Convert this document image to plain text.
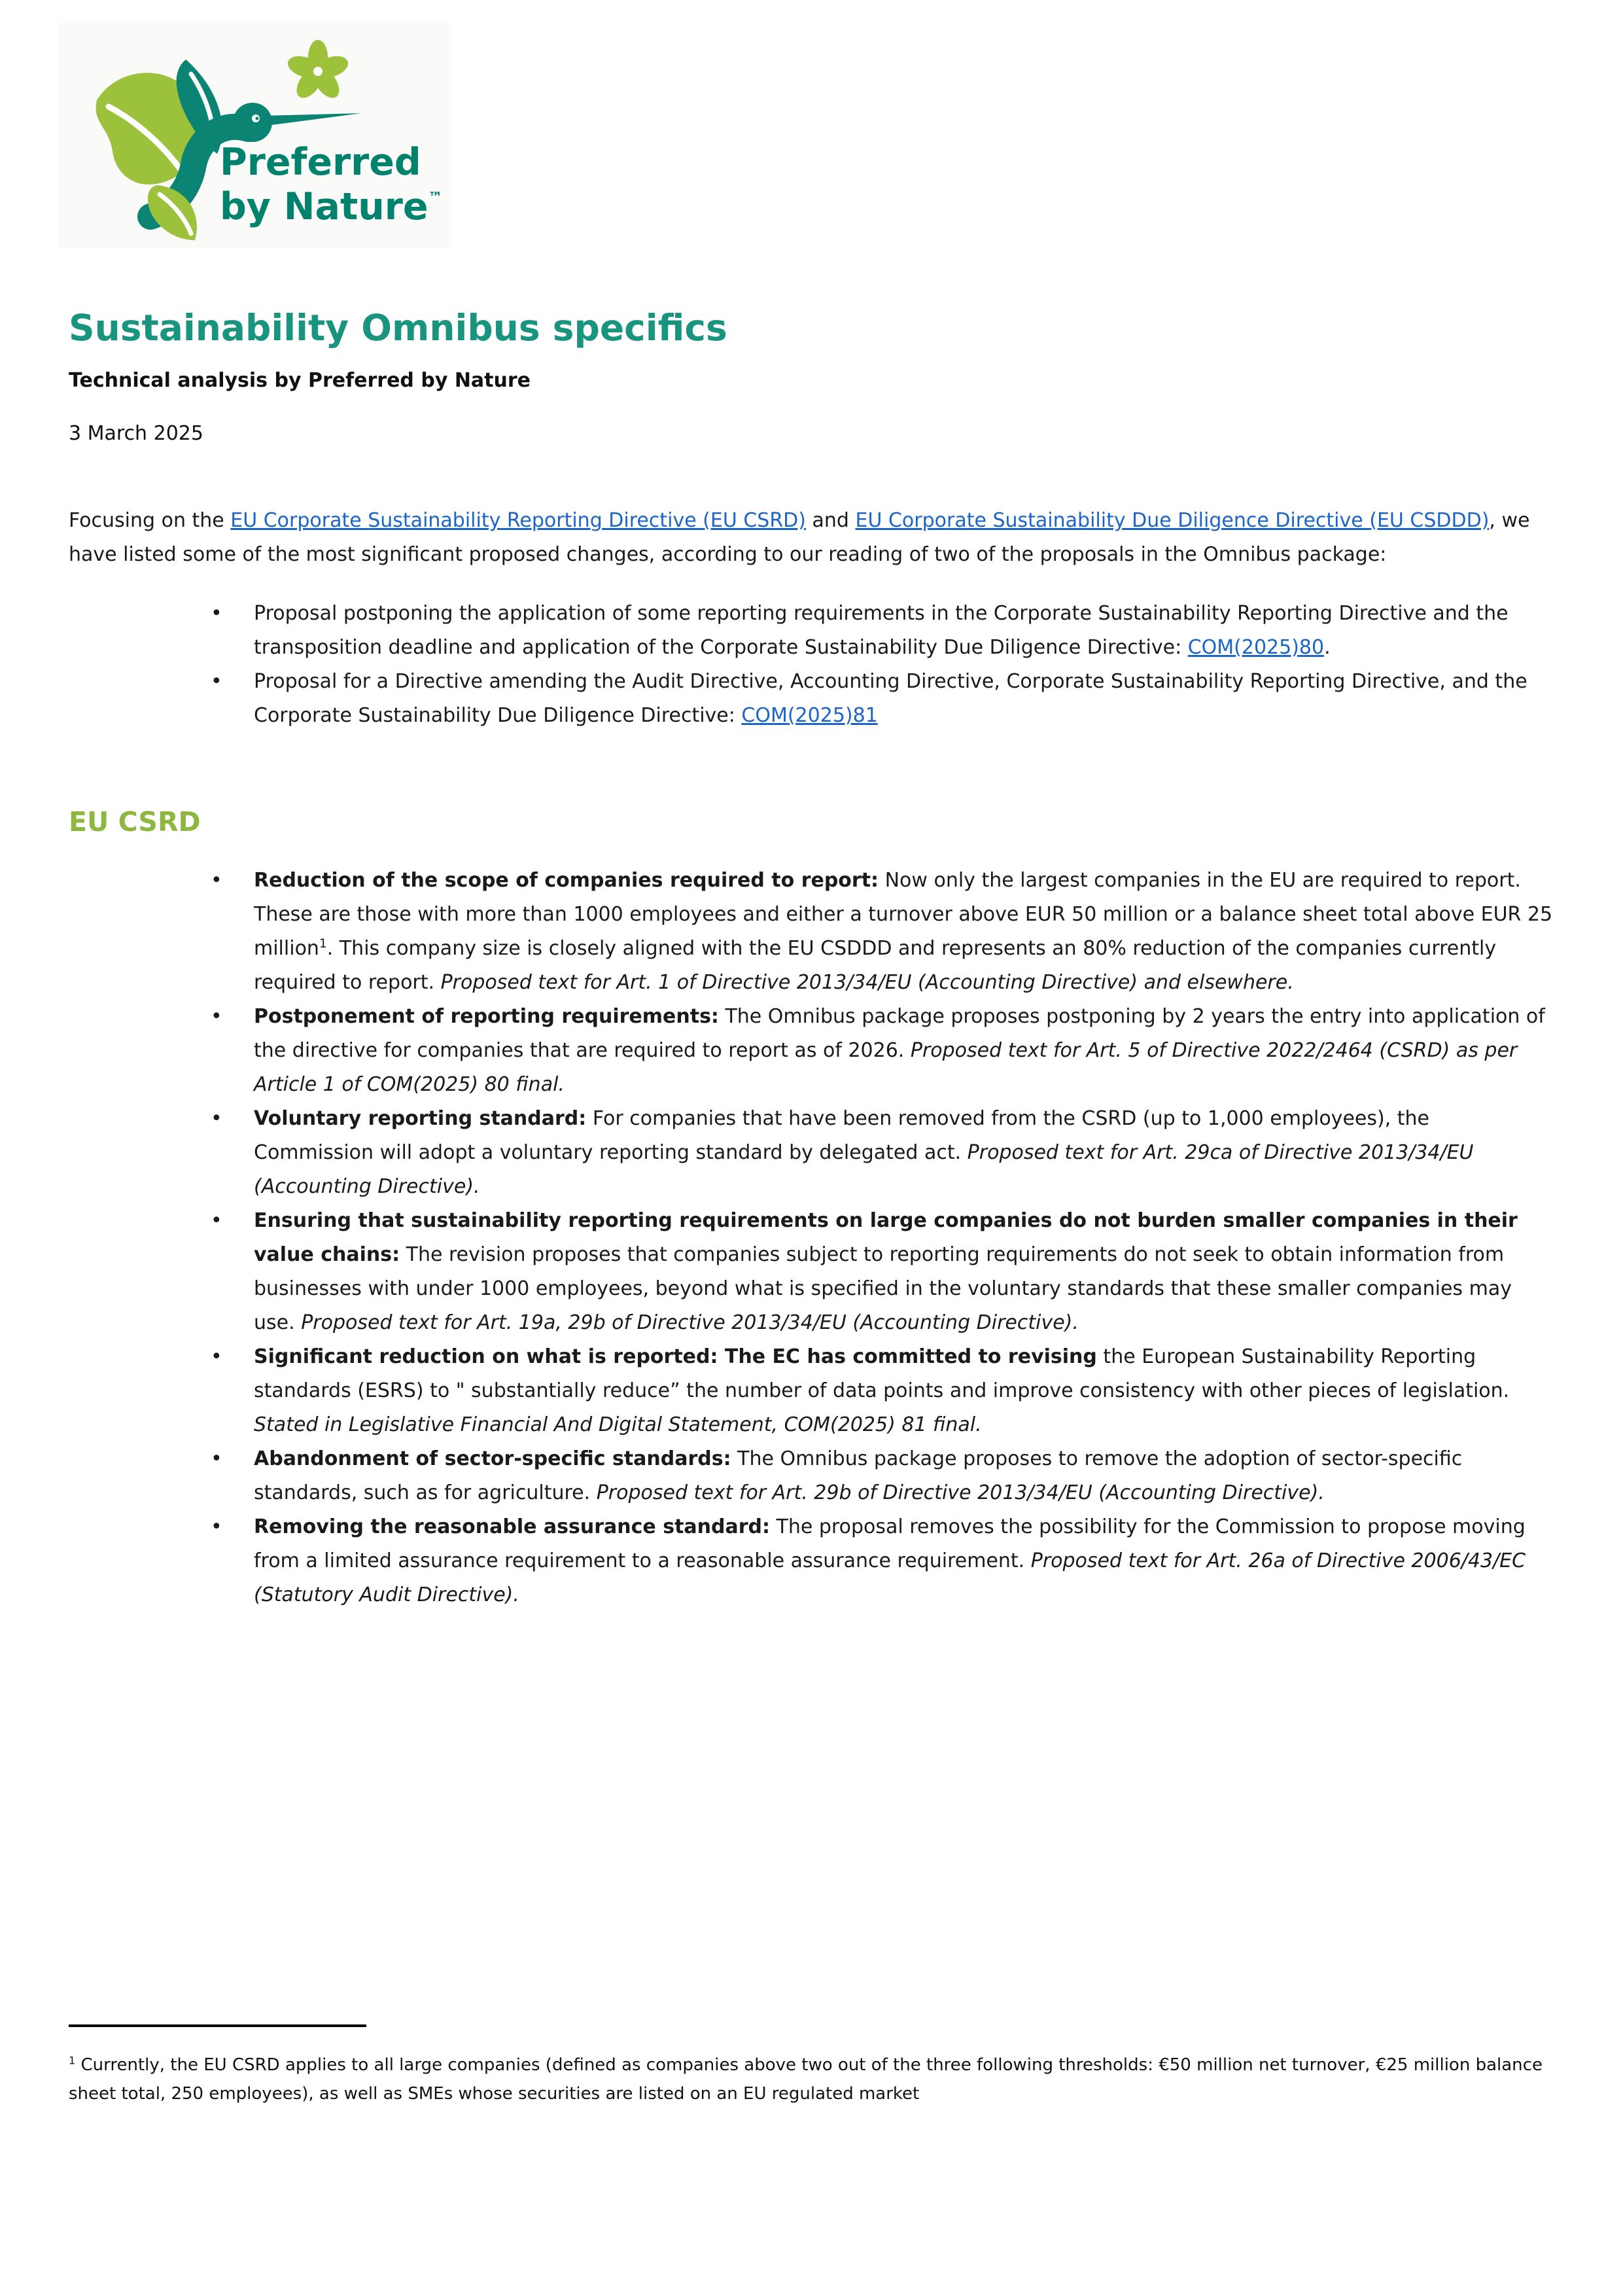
Preferred
by Nature™
Sustainability Omnibus specifics
Technical analysis by Preferred by Nature
3 March 2025

Focusing on the EU Corporate Sustainability Reporting Directive (EU CSRD) and EU Corporate Sustainability Due Diligence Directive (EU CSDDD), we have listed some of the most significant proposed changes, according to our reading of two of the proposals in the Omnibus package:

• Proposal postponing the application of some reporting requirements in the Corporate Sustainability Reporting Directive and the transposition deadline and application of the Corporate Sustainability Due Diligence Directive: COM(2025)80.
• Proposal for a Directive amending the Audit Directive, Accounting Directive, Corporate Sustainability Reporting Directive, and the Corporate Sustainability Due Diligence Directive: COM(2025)81
EU CSRD
• Reduction of the scope of companies required to report: Now only the largest companies in the EU are required to report. These are those with more than 1000 employees and either a turnover above EUR 50 million or a balance sheet total above EUR 25 million$^1$. This company size is closely aligned with the EU CSDDD and represents an 80% reduction of the companies currently required to report. Proposed text for Art. 1 of Directive 2013/34/EU (Accounting Directive) and elsewhere.
• Postponement of reporting requirements: The Omnibus package proposes postponing by 2 years the entry into application of the directive for companies that are required to report as of 2026. Proposed text for Art. 5 of Directive 2022/2464 (CSRD) as per Article 1 of COM(2025) 80 final.
• Voluntary reporting standard: For companies that have been removed from the CSRD (up to 1,000 employees), the Commission will adopt a voluntary reporting standard by delegated act. Proposed text for Art. 29ca of Directive 2013/34/EU (Accounting Directive).
• Ensuring that sustainability reporting requirements on large companies do not burden smaller companies in their value chains: The revision proposes that companies subject to reporting requirements do not seek to obtain information from businesses with under 1000 employees, beyond what is specified in the voluntary standards that these smaller companies may use. Proposed text for Art. 19a, 29b of Directive 2013/34/EU (Accounting Directive).
• Significant reduction on what is reported: The EC has committed to revising the European Sustainability Reporting standards (ESRS) to " substantially reduce” the number of data points and improve consistency with other pieces of legislation. Stated in Legislative Financial And Digital Statement, COM(2025) 81 final.
• Abandonment of sector-specific standards: The Omnibus package proposes to remove the adoption of sector-specific standards, such as for agriculture. Proposed text for Art. 29b of Directive 2013/34/EU (Accounting Directive).
• Removing the reasonable assurance standard: The proposal removes the possibility for the Commission to propose moving from a limited assurance requirement to a reasonable assurance requirement. Proposed text for Art. 26a of Directive 2006/43/EC (Statutory Audit Directive).
$^1$ Currently, the EU CSRD applies to all large companies (defined as companies above two out of the three following thresholds: €50 million net turnover, €25 million balance sheet total, 250 employees), as well as SMEs whose securities are listed on an EU regulated market
